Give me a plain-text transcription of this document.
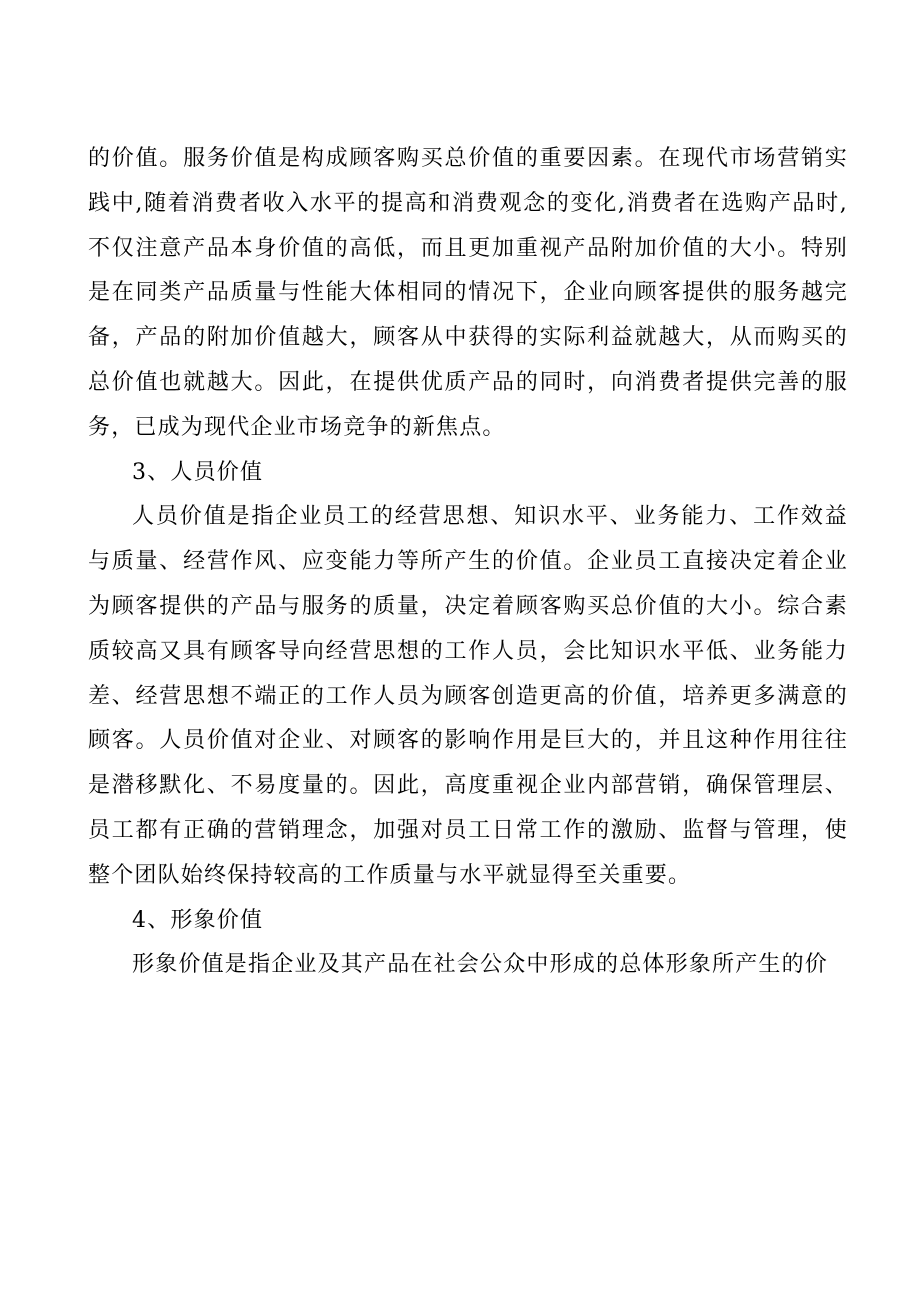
的价值。服务价值是构成顾客购买总价值的重要因素。在现代市场营销实践中,随着消费者收入水平的提高和消费观念的变化,消费者在选购产品时,不仅注意产品本身价值的高低，而且更加重视产品附加价值的大小。特别是在同类产品质量与性能大体相同的情况下，企业向顾客提供的服务越完备，产品的附加价值越大，顾客从中获得的实际利益就越大，从而购买的总价值也就越大。因此，在提供优质产品的同时，向消费者提供完善的服务，已成为现代企业市场竞争的新焦点。

3、人员价值

人员价值是指企业员工的经营思想、知识水平、业务能力、工作效益与质量、经营作风、应变能力等所产生的价值。企业员工直接决定着企业为顾客提供的产品与服务的质量，决定着顾客购买总价值的大小。综合素质较高又具有顾客导向经营思想的工作人员，会比知识水平低、业务能力差、经营思想不端正的工作人员为顾客创造更高的价值，培养更多满意的顾客。人员价值对企业、对顾客的影响作用是巨大的，并且这种作用往往是潜移默化、不易度量的。因此，高度重视企业内部营销，确保管理层、员工都有正确的营销理念，加强对员工日常工作的激励、监督与管理，使整个团队始终保持较高的工作质量与水平就显得至关重要。

4、形象价值

形象价值是指企业及其产品在社会公众中形成的总体形象所产生的价
